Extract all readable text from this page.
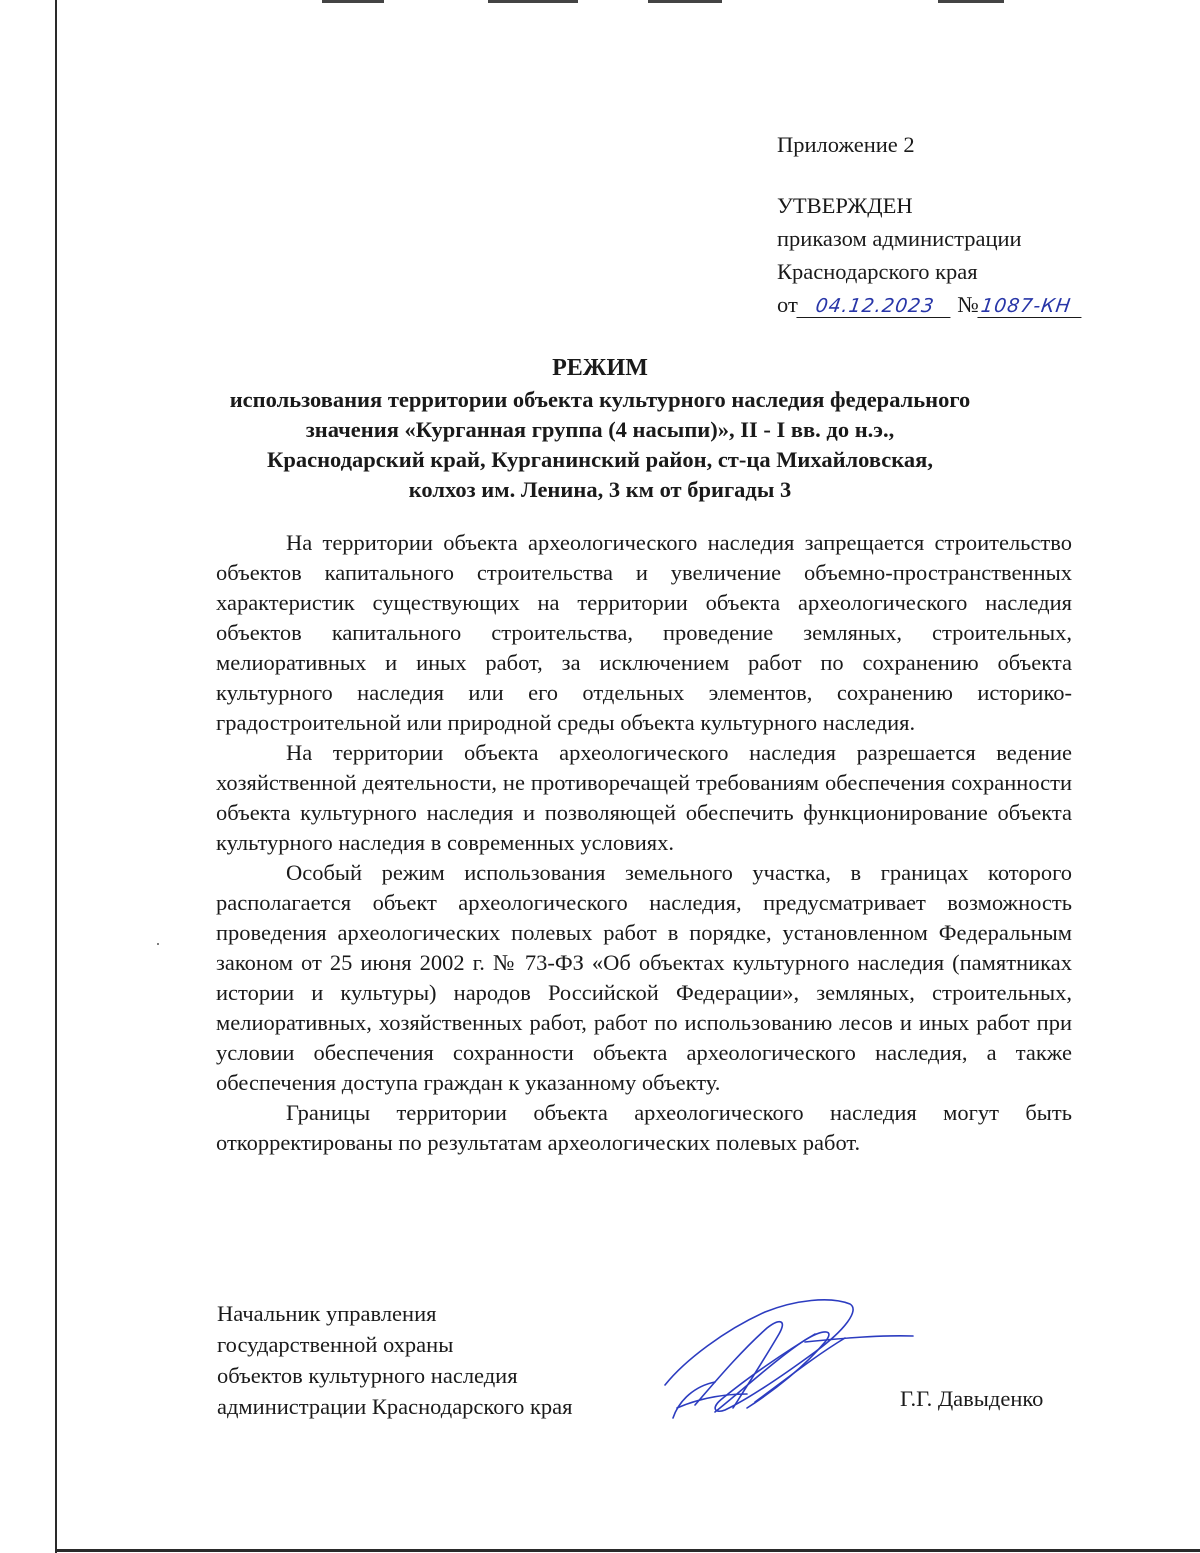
Приложение 2
УТВЕРЖДЕН
приказом администрации
Краснодарского края
от 04.12.2023 №1087-КН
РЕЖИМ
использования территории объекта культурного наследия федерального
значения «Курганная группа (4 насыпи)», II - I вв. до н.э.,
Краснодарский край, Курганинский район, ст-ца Михайловская,
колхоз им. Ленина, 3 км от бригады 3

На территории объекта археологического наследия запрещается строительство объектов капитального строительства и увеличение объемно-пространственных характеристик существующих на территории объекта археологического наследия объектов капитального строительства, проведение земляных, строительных, мелиоративных и иных работ, за исключением работ по сохранению объекта культурного наследия или его отдельных элементов, сохранению историко-градостроительной или природной среды объекта культурного наследия.

На территории объекта археологического наследия разрешается ведение хозяйственной деятельности, не противоречащей требованиям обеспечения сохранности объекта культурного наследия и позволяющей обеспечить функционирование объекта культурного наследия в современных условиях.

Особый режим использования земельного участка, в границах которого располагается объект археологического наследия, предусматривает возможность проведения археологических полевых работ в порядке, установленном Федеральным законом от 25 июня 2002 г. № 73-ФЗ «Об объектах культурного наследия (памятниках истории и культуры) народов Российской Федерации», земляных, строительных, мелиоративных, хозяйственных работ, работ по использованию лесов и иных работ при условии обеспечения сохранности объекта археологического наследия, а также обеспечения доступа граждан к указанному объекту.

Границы территории объекта археологического наследия могут быть откорректированы по результатам археологических полевых работ.

Начальник управления
государственной охраны
объектов культурного наследия
администрации Краснодарского края	Г.Г. Давыденко
